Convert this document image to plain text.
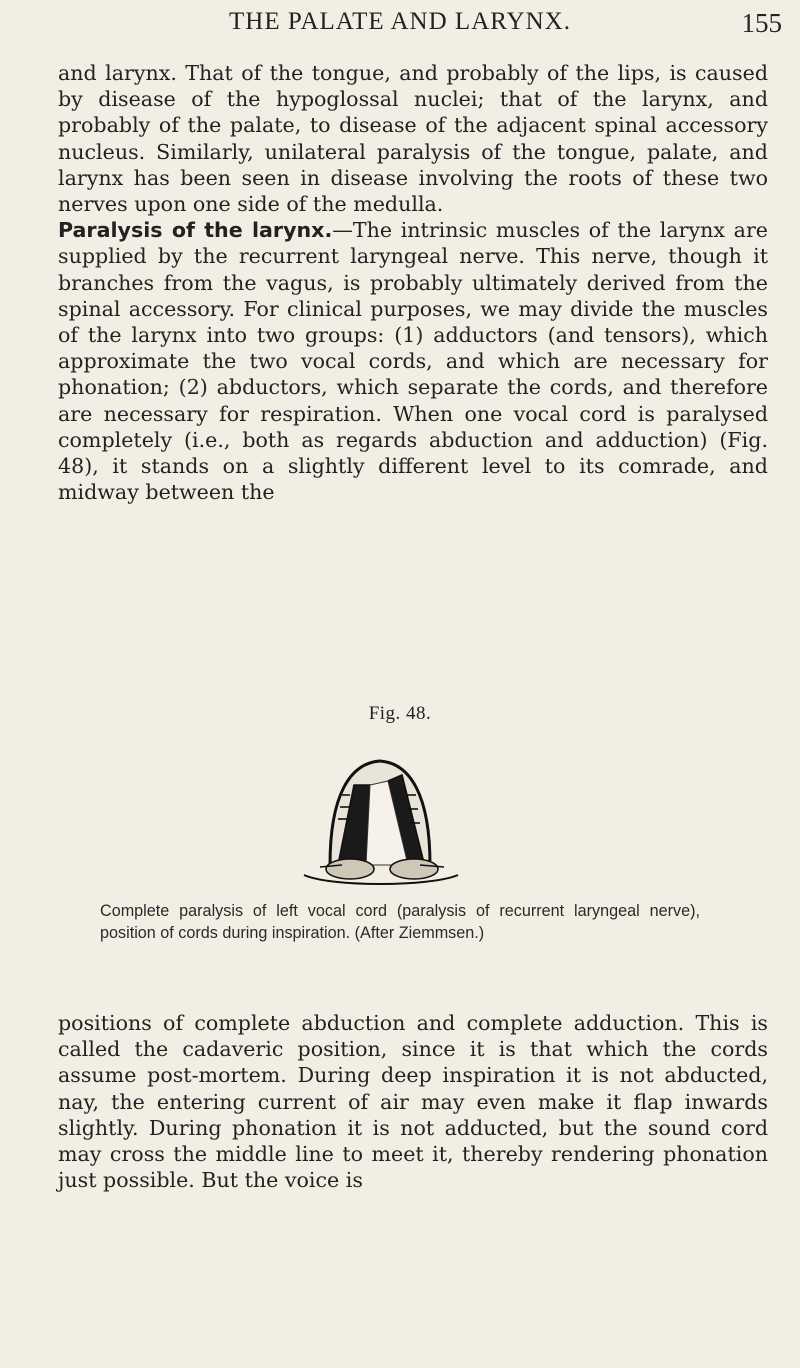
THE PALATE AND LARYNX.	155

and larynx. That of the tongue, and probably of the lips, is caused by disease of the hypoglossal nuclei; that of the larynx, and probably of the palate, to disease of the adjacent spinal accessory nucleus. Similarly, unilateral paralysis of the tongue, palate, and larynx has been seen in disease involving the roots of these two nerves upon one side of the medulla.

Paralysis of the larynx.—The intrinsic muscles of the larynx are supplied by the recurrent laryngeal nerve. This nerve, though it branches from the vagus, is probably ultimately derived from the spinal accessory. For clinical purposes, we may divide the muscles of the larynx into two groups: (1) adductors (and tensors), which approximate the two vocal cords, and which are necessary for phonation; (2) abductors, which separate the cords, and therefore are necessary for respiration. When one vocal cord is paralysed completely (i.e., both as regards abduction and adduction) (Fig. 48), it stands on a slightly different level to its comrade, and midway between the

Fig. 48.
Complete paralysis of left vocal cord (paralysis of recurrent laryngeal nerve), position of cords during inspiration. (After Ziemmsen.)

positions of complete abduction and complete adduction. This is called the cadaveric position, since it is that which the cords assume post-mortem. During deep inspiration it is not abducted, nay, the entering current of air may even make it flap inwards slightly. During phonation it is not adducted, but the sound cord may cross the middle line to meet it, thereby rendering phonation just possible. But the voice is
